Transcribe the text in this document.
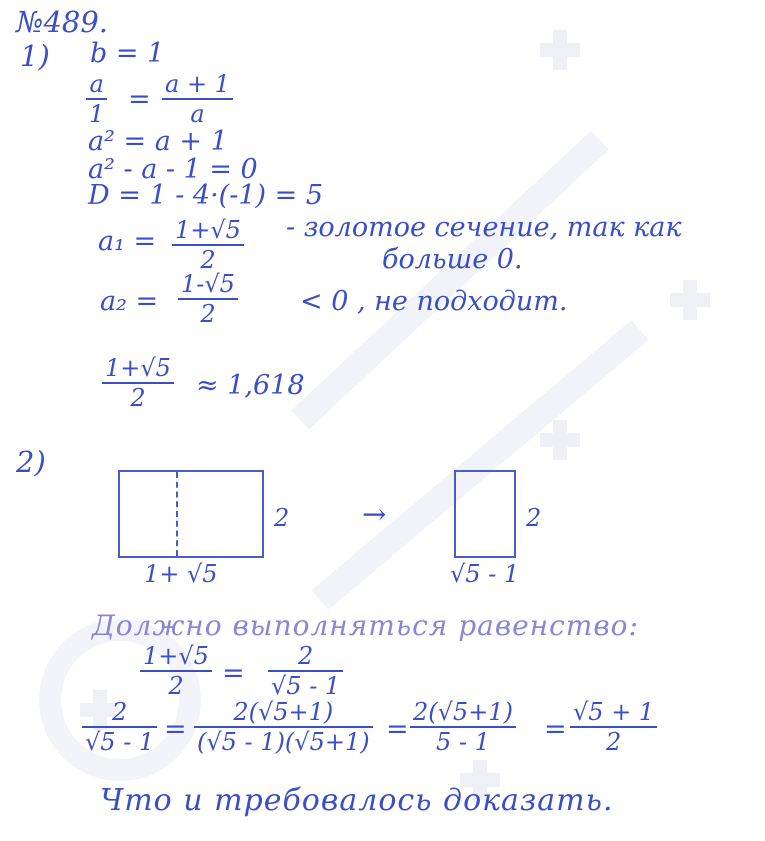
№489.
1) b = 1
a
1 = a + 1
a
a² = a + 1
a² - a - 1 = 0
D = 1 - 4·(-1) = 5
a₁ = 1+√5
2
- золотое сечение, так как
больше 0.
a₂ =
1-√5
2	< 0 , не подходит.
1+√5
2 ≈ 1,618
2)
2
1+ √5
→	2
√5 - 1
Должно выполняться равенство:
1+√5
2 =
2
√5 - 1
2
√5 - 1 =
2(√5+1)
(√5 - 1)(√5+1) =
2(√5+1)
5 - 1 =
√5 + 1
2
Что и требовалось доказать.
